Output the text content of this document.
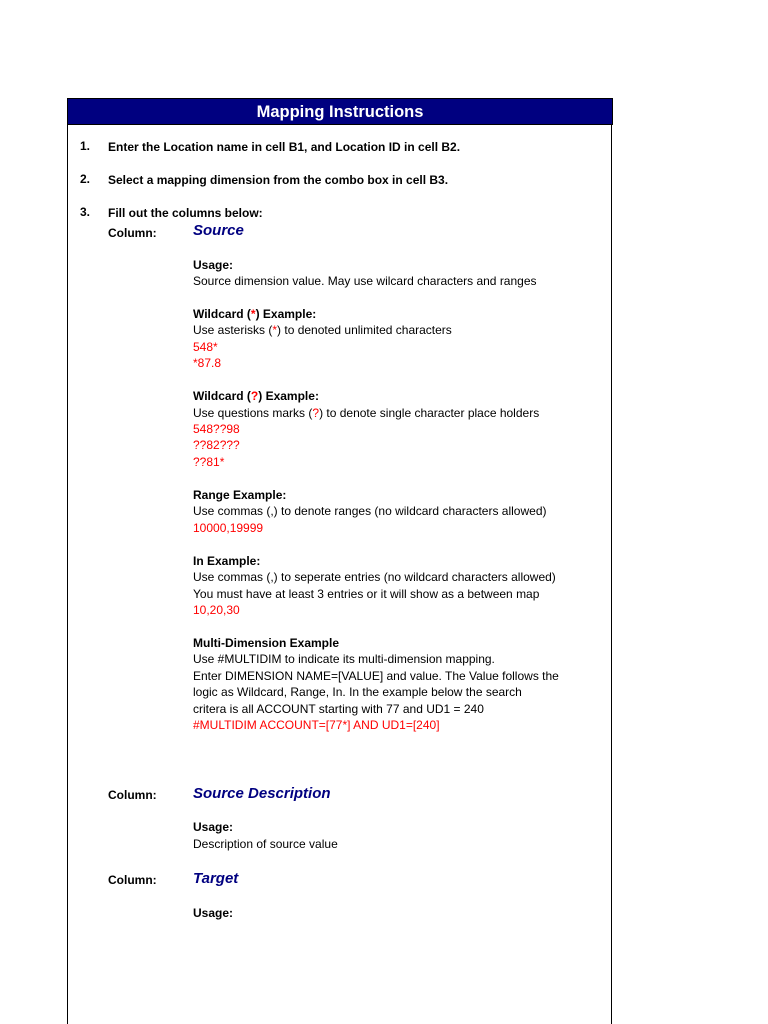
Mapping Instructions
1. Enter the Location name in cell B1, and Location ID in cell B2.
2. Select a mapping dimension from the combo box in cell B3.
3. Fill out the columns below:
Column: Source
Usage:
Source dimension value. May use wilcard characters and ranges
Wildcard (*) Example:
Use asterisks (*) to denoted unlimited characters
548*
*87.8
Wildcard (?) Example:
Use questions marks (?) to denote single character place holders
548??98
??82???
??81*
Range Example:
Use commas (,) to denote ranges (no wildcard characters allowed)
10000,19999
In Example:
Use commas (,) to seperate entries (no wildcard characters allowed)
You must have at least 3 entries or it will show as a between map
10,20,30
Multi-Dimension Example
Use #MULTIDIM to indicate its multi-dimension mapping.
Enter DIMENSION NAME=[VALUE] and value. The Value follows the
logic as Wildcard, Range, In. In the example below the search
critera is all ACCOUNT starting with 77 and UD1 = 240
#MULTIDIM ACCOUNT=[77*] AND UD1=[240]
Column: Source Description
Usage:
Description of source value
Column: Target
Usage:
